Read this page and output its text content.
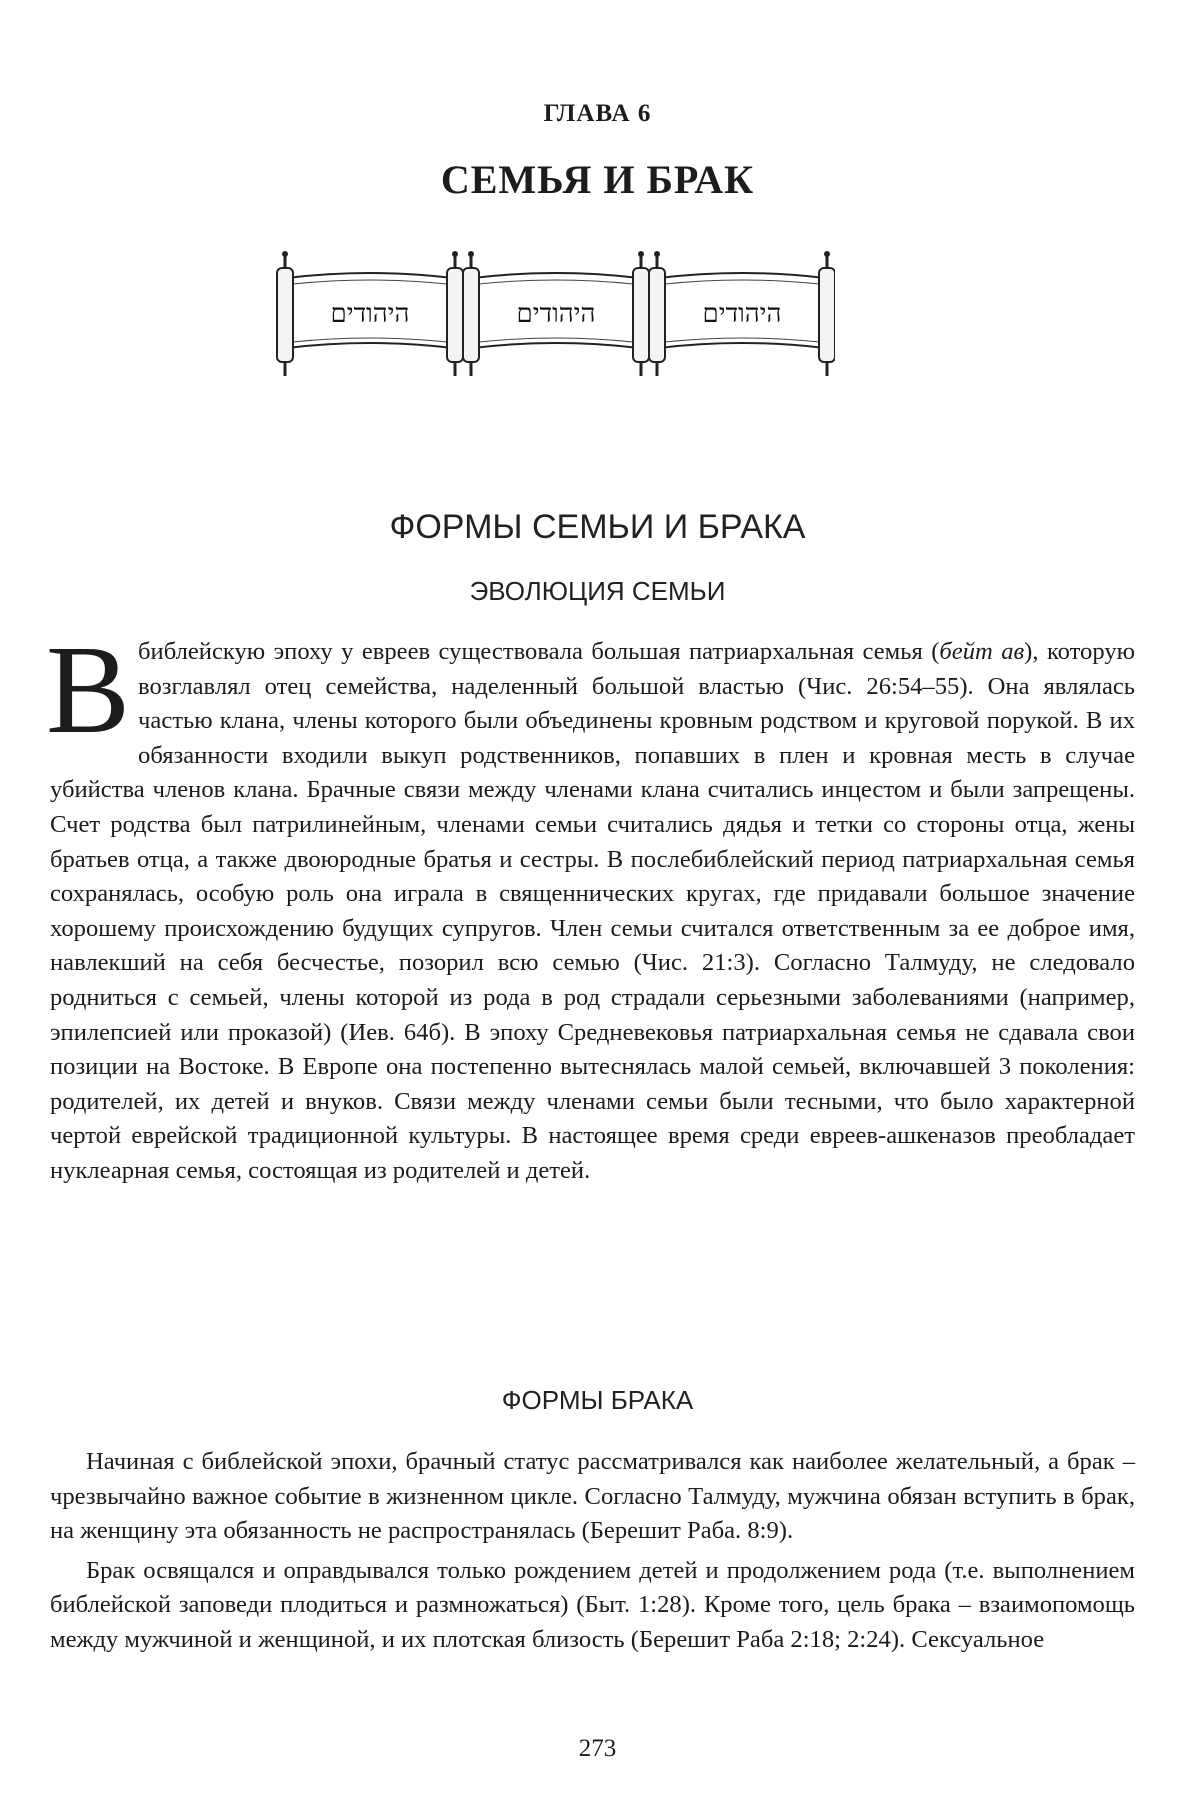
ГЛАВА 6
СЕМЬЯ И БРАК
היהודים	היהודים	היהודים
ФОРМЫ СЕМЬИ И БРАКА
ЭВОЛЮЦИЯ СЕМЬИ

В библейскую эпоху у евреев существовала большая патриархальная семья (бейт ав), которую возглавлял отец семейства, наделенный большой властью (Чис. 26:54–55). Она являлась частью клана, члены которого были объединены кровным родством и круговой порукой. В их обязанности входили выкуп родственников, попавших в плен и кровная месть в случае убийства членов клана. Брачные связи между членами клана считались инцестом и были запрещены. Счет родства был патрилинейным, членами семьи считались дядья и тетки со стороны отца, жены братьев отца, а также двоюродные братья и сестры. В послебиблейский период патриархальная семья сохранялась, особую роль она играла в священнических кругах, где придавали большое значение хорошему происхождению будущих супругов. Член семьи считался ответственным за ее доброе имя, навлекший на себя бесчестье, позорил всю семью (Чис. 21:3). Согласно Талмуду, не следовало родниться с семьей, члены которой из рода в род страдали серьезными заболеваниями (например, эпилепсией или проказой) (Иев. 64б). В эпоху Средневековья патриархальная семья не сдавала свои позиции на Востоке. В Европе она постепенно вытеснялась малой семьей, включавшей 3 поколения: родителей, их детей и внуков. Связи между членами семьи были тесными, что было характерной чертой еврейской традиционной культуры. В настоящее время среди евреев-ашкеназов преобладает нуклеарная семья, состоящая из родителей и детей.

ФОРМЫ БРАКА

Начиная с библейской эпохи, брачный статус рассматривался как наиболее желательный, а брак – чрезвычайно важное событие в жизненном цикле. Согласно Талмуду, мужчина обязан вступить в брак, на женщину эта обязанность не распространялась (Берешит Раба. 8:9).

Брак освящался и оправдывался только рождением детей и продолжением рода (т.е. выполнением библейской заповеди плодиться и размножаться) (Быт. 1:28). Кроме того, цель брака – взаимопомощь между мужчиной и женщиной, и их плотская близость (Берешит Раба 2:18; 2:24). Сексуальное

273
